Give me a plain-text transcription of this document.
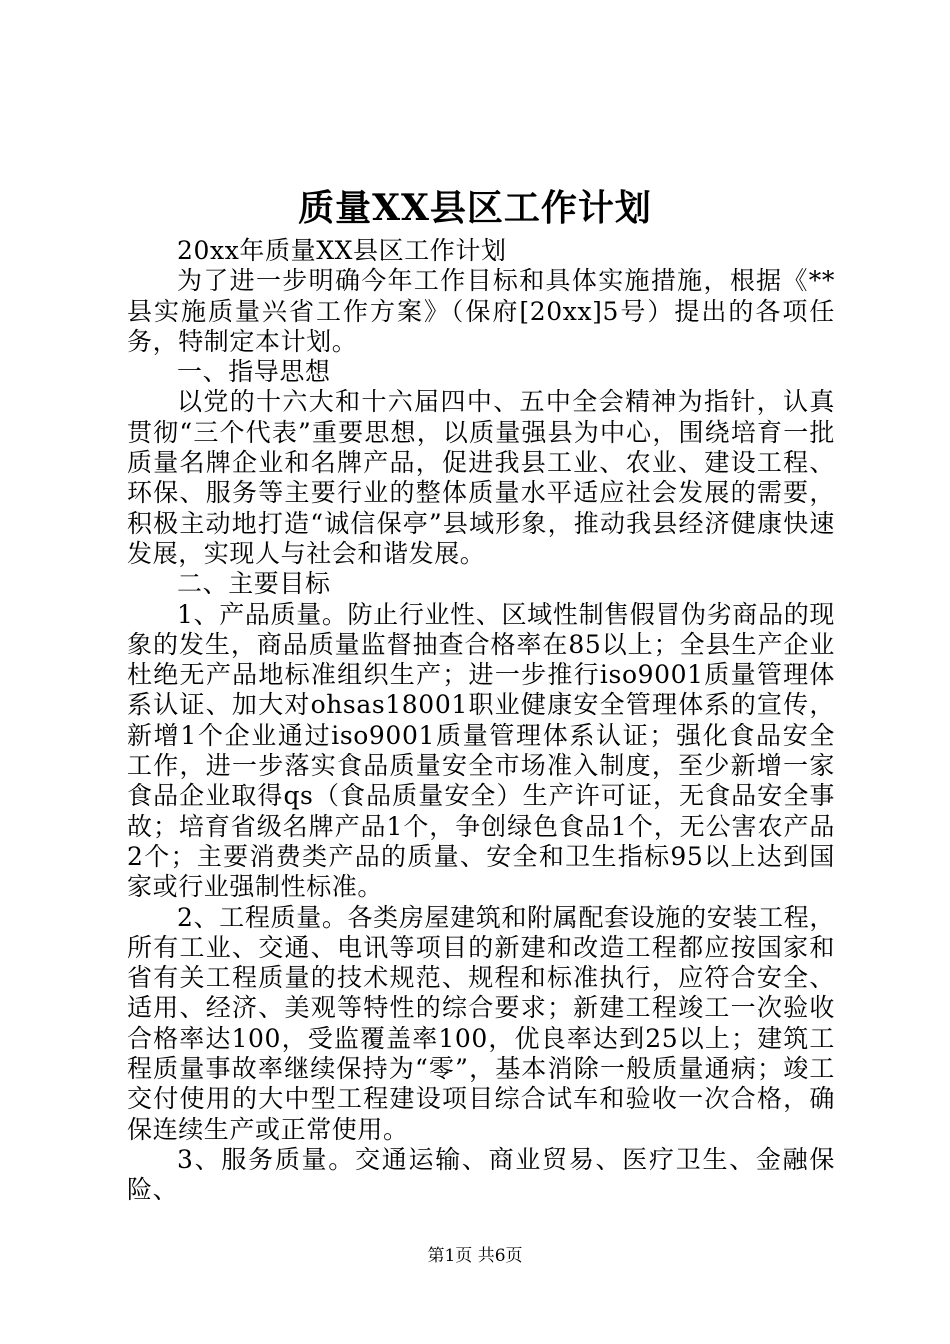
质量XX县区工作计划

20xx年质量XX县区工作计划

为了进一步明确今年工作目标和具体实施措施，根据《**县实施质量兴省工作方案》（保府[20xx]5号）提出的各项任务，特制定本计划。

一、指导思想

以党的十六大和十六届四中、五中全会精神为指针，认真贯彻“三个代表”重要思想，以质量强县为中心，围绕培育一批质量名牌企业和名牌产品，促进我县工业、农业、建设工程、环保、服务等主要行业的整体质量水平适应社会发展的需要，积极主动地打造“诚信保亭”县域形象，推动我县经济健康快速发展，实现人与社会和谐发展。

二、主要目标

1、产品质量。防止行业性、区域性制售假冒伪劣商品的现象的发生，商品质量监督抽查合格率在85以上；全县生产企业杜绝无产品地标准组织生产；进一步推行iso9001质量管理体系认证、加大对ohsas18001职业健康安全管理体系的宣传，新增1个企业通过iso9001质量管理体系认证；强化食品安全工作，进一步落实食品质量安全市场准入制度，至少新增一家食品企业取得qs（食品质量安全）生产许可证，无食品安全事故；培育省级名牌产品1个，争创绿色食品1个，无公害农产品2个；主要消费类产品的质量、安全和卫生指标95以上达到国家或行业强制性标准。

2、工程质量。各类房屋建筑和附属配套设施的安装工程，所有工业、交通、电讯等项目的新建和改造工程都应按国家和省有关工程质量的技术规范、规程和标准执行，应符合安全、适用、经济、美观等特性的综合要求；新建工程竣工一次验收合格率达100，受监覆盖率100，优良率达到25以上；建筑工程质量事故率继续保持为“零”，基本消除一般质量通病；竣工交付使用的大中型工程建设项目综合试车和验收一次合格，确保连续生产或正常使用。

3、服务质量。交通运输、商业贸易、医疗卫生、金融保险、

第1页 共6页
